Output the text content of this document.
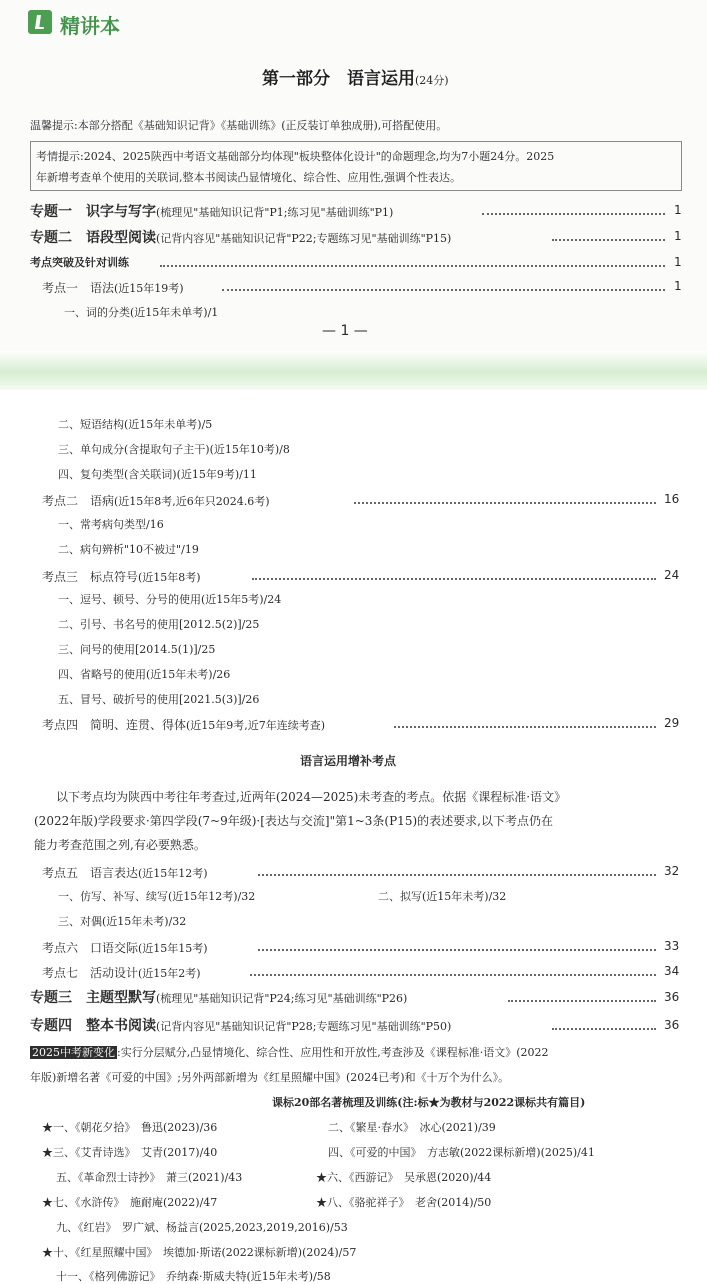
精讲本
第一部分　语言运用(24分)
温馨提示:本部分搭配《基础知识记背》《基础训练》(正反装订单独成册),可搭配使用。
考情提示:2024、2025陕西中考语文基础部分均体现"板块整体化设计"的命题理念,均为7小题24分。2025
年新增考查单个使用的关联词,整本书阅读凸显情境化、综合性、应用性,强调个性表达。
专题一　识字与写字(梳理见"基础知识记背"P1;练习见"基础训练"P1)	1
专题二　语段型阅读(记背内容见"基础知识记背"P22;专题练习见"基础训练"P15)	1
考点突破及针对训练	1
考点一　语法(近15年19考)	1
一、词的分类(近15年未单考)/1
— 1 —
二、短语结构(近15年未单考)/5
三、单句成分(含提取句子主干)(近15年10考)/8
四、复句类型(含关联词)(近15年9考)/11
考点二　语病(近15年8考,近6年只2024.6考)	16
一、常考病句类型/16
二、病句辨析"10不被过"/19
考点三　标点符号(近15年8考)	24
一、逗号、顿号、分号的使用(近15年5考)/24
二、引号、书名号的使用[2012.5(2)]/25
三、问号的使用[2014.5(1)]/25
四、省略号的使用(近15年未考)/26
五、冒号、破折号的使用[2021.5(3)]/26
考点四　简明、连贯、得体(近15年9考,近7年连续考查)	29
语言运用增补考点
以下考点均为陕西中考往年考查过,近两年(2024—2025)未考查的考点。依据《课程标准·语文》
(2022年版)学段要求·第四学段(7~9年级)·[表达与交流]"第1~3条(P15)的表述要求,以下考点仍在
能力考查范围之列,有必要熟悉。
考点五　语言表达(近15年12考)	32
一、仿写、补写、续写(近15年12考)/32	二、拟写(近15年未考)/32
三、对偶(近15年未考)/32
考点六　口语交际(近15年15考)	33
考点七　活动设计(近15年2考)	34
专题三　主题型默写(梳理见"基础知识记背"P24;练习见"基础训练"P26)	36
专题四　整本书阅读(记背内容见"基础知识记背"P28;专题练习见"基础训练"P50)	36
2025中考新变化 :实行分层赋分,凸显情境化、综合性、应用性和开放性,考查涉及《课程标准·语文》(2022
年版)新增名著《可爱的中国》;另外两部新增为《红星照耀中国》(2024已考)和《十万个为什么》。
课标20部名著梳理及训练(注:标★为教材与2022课标共有篇目)
★一、《朝花夕拾》　鲁迅(2023)/36	二、《繁星·春水》　冰心(2021)/39
★三、《艾青诗选》　艾青(2017)/40	四、《可爱的中国》　方志敏(2022课标新增)(2025)/41
五、《革命烈士诗抄》　萧三(2021)/43	★六、《西游记》　吴承恩(2020)/44
★七、《水浒传》　施耐庵(2022)/47	★八、《骆驼祥子》　老舍(2014)/50
九、《红岩》　罗广斌、杨益言(2025,2023,2019,2016)/53
★十、《红星照耀中国》　埃德加·斯诺(2022课标新增)(2024)/57
十一、《格列佛游记》　乔纳森·斯威夫特(近15年未考)/58
